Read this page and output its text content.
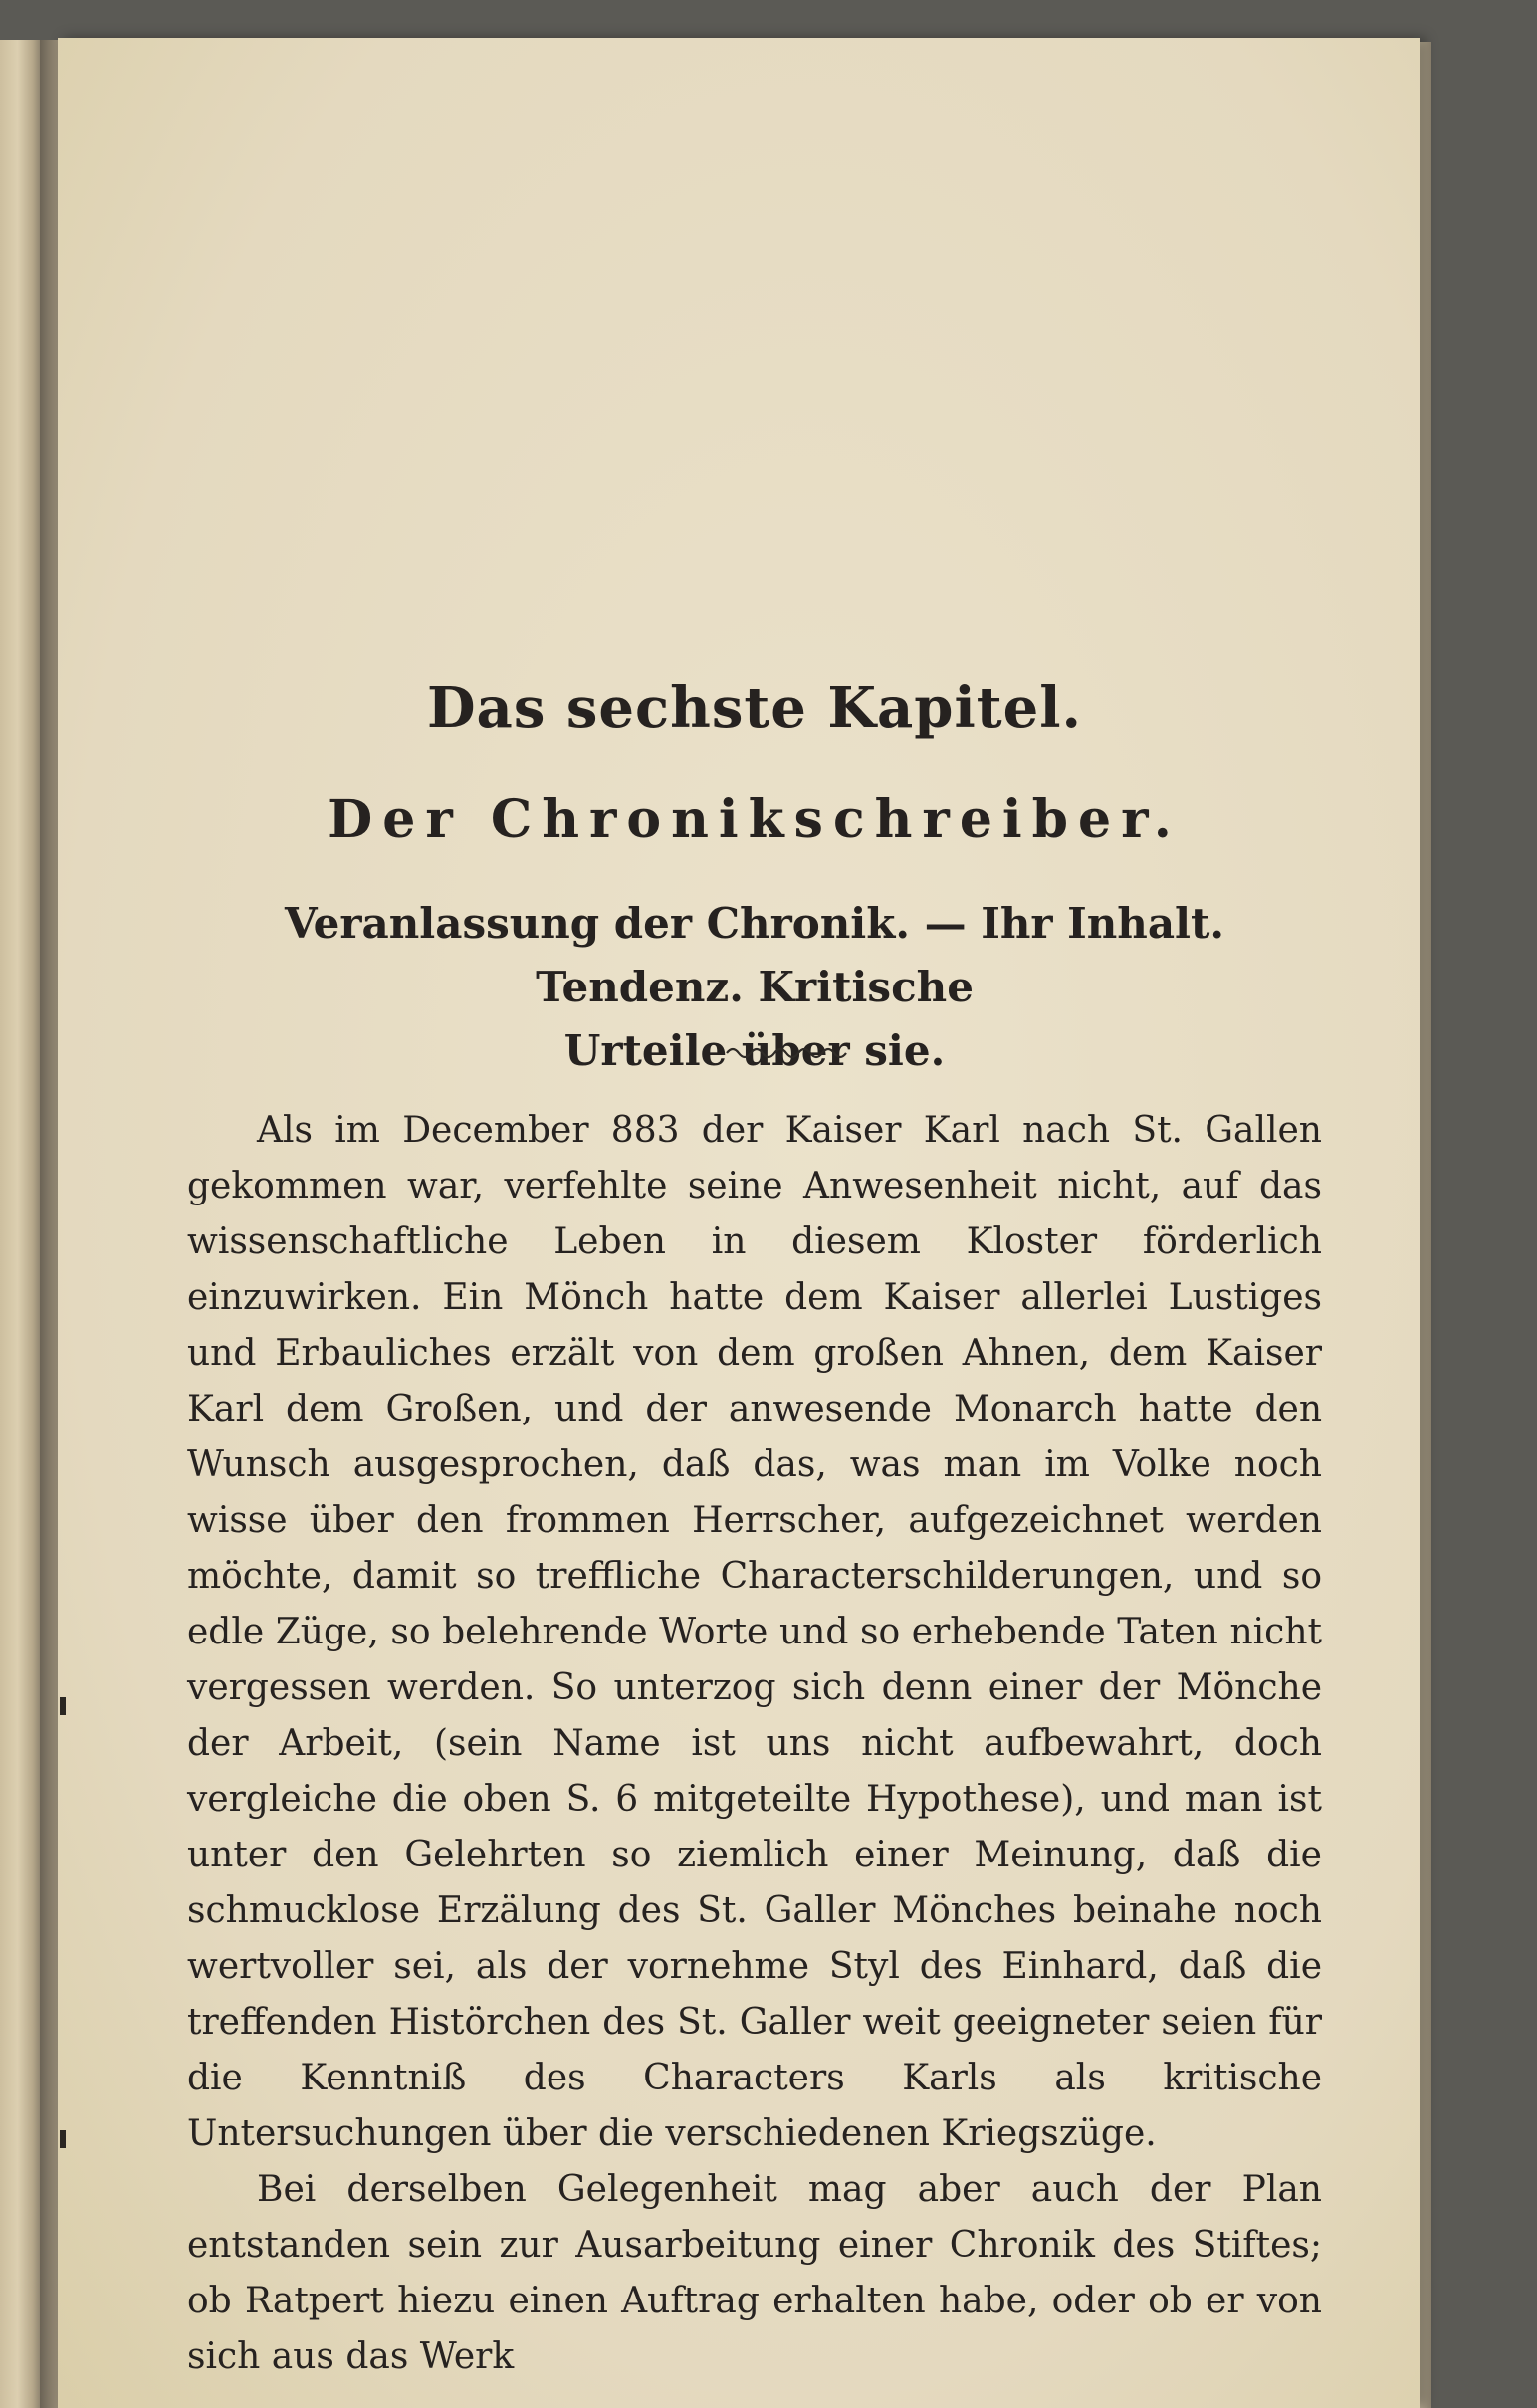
Das sechste Kapitel.
Der Chronikschreiber.
Veranlassung der Chronik. — Ihr Inhalt. Tendenz. Kritische
Urteile über sie.

Als im December 883 der Kaiser Karl nach St. Gallen gekommen war, verfehlte seine Anwesenheit nicht, auf das wissenschaftliche Leben in diesem Kloster förderlich einzuwirken. Ein Mönch hatte dem Kaiser allerlei Lustiges und Erbauliches erzält von dem großen Ahnen, dem Kaiser Karl dem Großen, und der anwesende Monarch hatte den Wunsch ausgesprochen, daß das, was man im Volke noch wisse über den frommen Herrscher, aufgezeichnet werden möchte, damit so treffliche Characterschilderungen, und so edle Züge, so belehrende Worte und so erhebende Taten nicht vergessen werden. So unterzog sich denn einer der Mönche der Arbeit, (sein Name ist uns nicht aufbewahrt, doch vergleiche die oben S. 6 mitgeteilte Hypothese), und man ist unter den Gelehrten so ziemlich einer Meinung, daß die schmucklose Erzälung des St. Galler Mönches beinahe noch wertvoller sei, als der vornehme Styl des Einhard, daß die treffenden Histörchen des St. Galler weit geeigneter seien für die Kenntniß des Characters Karls als kritische Untersuchungen über die verschiedenen Kriegszüge.

Bei derselben Gelegenheit mag aber auch der Plan entstanden sein zur Ausarbeitung einer Chronik des Stiftes; ob Ratpert hiezu einen Auftrag erhalten habe, oder ob er von sich aus das Werk
